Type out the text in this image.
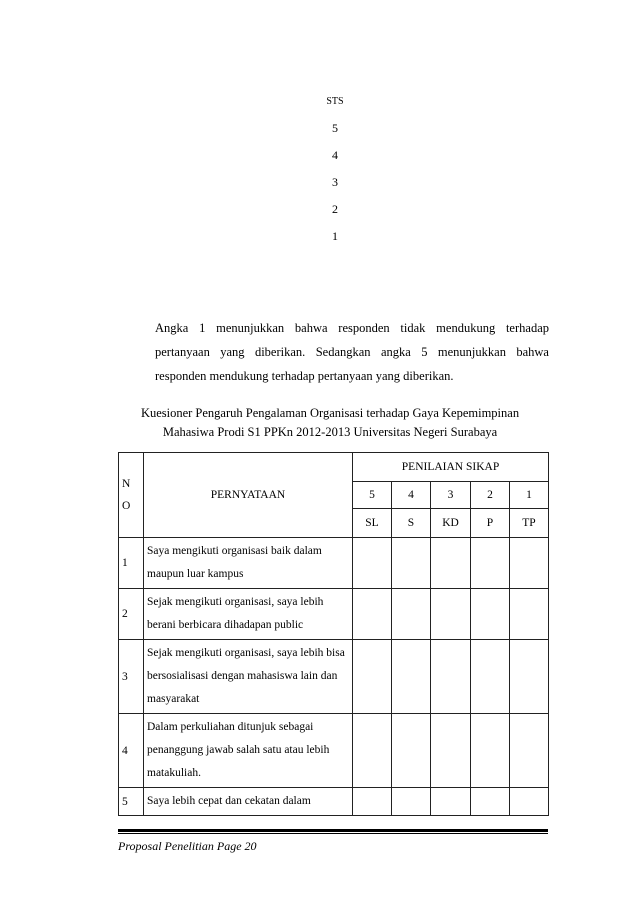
STS
5
4
3
2
1

Angka 1 menunjukkan bahwa responden tidak mendukung terhadap pertanyaan yang diberikan. Sedangkan angka 5 menunjukkan bahwa responden mendukung terhadap pertanyaan yang diberikan.

Kuesioner Pengaruh Pengalaman Organisasi terhadap Gaya Kepemimpinan
Mahasiwa Prodi S1 PPKn 2012-2013 Universitas Negeri Surabaya
N
O	PERNYATAAN	PENILAIAN SIKAP				
		5	4	3	2	1
		SL	S	KD	P	TP
1	Saya mengikuti organisasi baik dalam maupun luar kampus					
2	Sejak mengikuti organisasi, saya lebih berani berbicara dihadapan public					
3	Sejak mengikuti organisasi, saya lebih bisa bersosialisasi dengan mahasiswa lain dan masyarakat					
4	Dalam perkuliahan ditunjuk sebagai penanggung jawab salah satu atau lebih matakuliah.					
5	Saya lebih cepat dan cekatan dalam					
Proposal Penelitian Page 20
